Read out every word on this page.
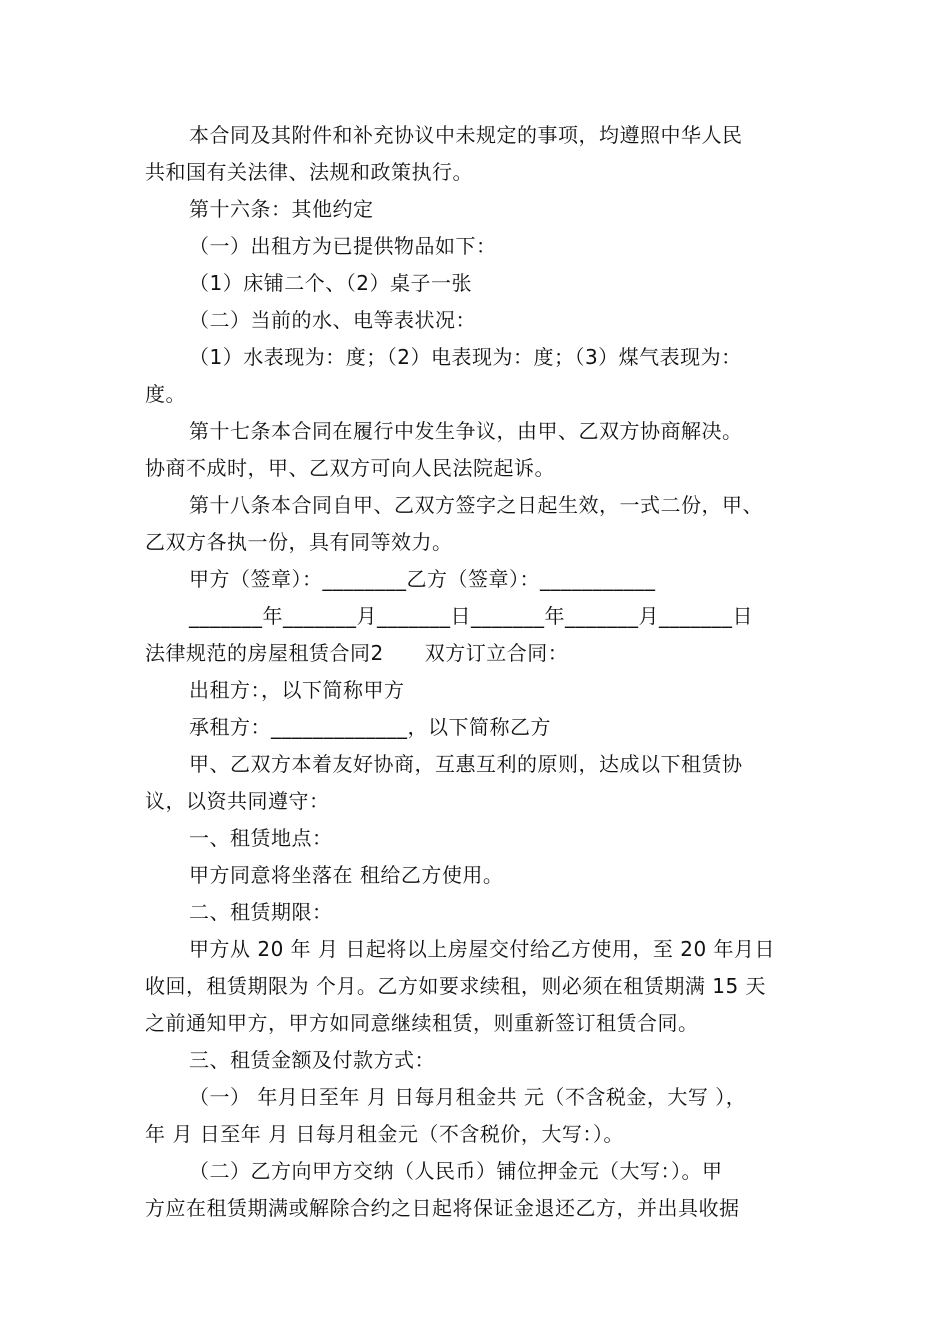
本合同及其附件和补充协议中未规定的事项，均遵照中华人民
共和国有关法律、法规和政策执行。
第十六条：其他约定
（一）出租方为已提供物品如下：
（1）床铺二个、（2）桌子一张
（二）当前的水、电等表状况：
（1）水表现为：度；（2）电表现为：度；（3）煤气表现为：
度。
第十七条本合同在履行中发生争议，由甲、乙双方协商解决。
协商不成时，甲、乙双方可向人民法院起诉。
第十八条本合同自甲、乙双方签字之日起生效，一式二份，甲、
乙双方各执一份，具有同等效力。
甲方（签章）：________乙方（签章）：___________
_______年_______月_______日_______年_______月_______日
法律规范的房屋租赁合同2　　双方订立合同：
出租方：，以下简称甲方
承租方：_____________，以下简称乙方
甲、乙双方本着友好协商，互惠互利的原则，达成以下租赁协
议，以资共同遵守：
一、租赁地点：
甲方同意将坐落在 租给乙方使用。
二、租赁期限：
甲方从 20 年 月 日起将以上房屋交付给乙方使用，至 20 年月日
收回，租赁期限为 个月。乙方如要求续租，则必须在租赁期满 15 天
之前通知甲方，甲方如同意继续租赁，则重新签订租赁合同。
三、租赁金额及付款方式：
（一） 年月日至年 月 日每月租金共 元（不含税金，大写 ），
年 月 日至年 月 日每月租金元（不含税价，大写：）。
（二）乙方向甲方交纳（人民币）铺位押金元（大写：）。甲
方应在租赁期满或解除合约之日起将保证金退还乙方，并出具收据
